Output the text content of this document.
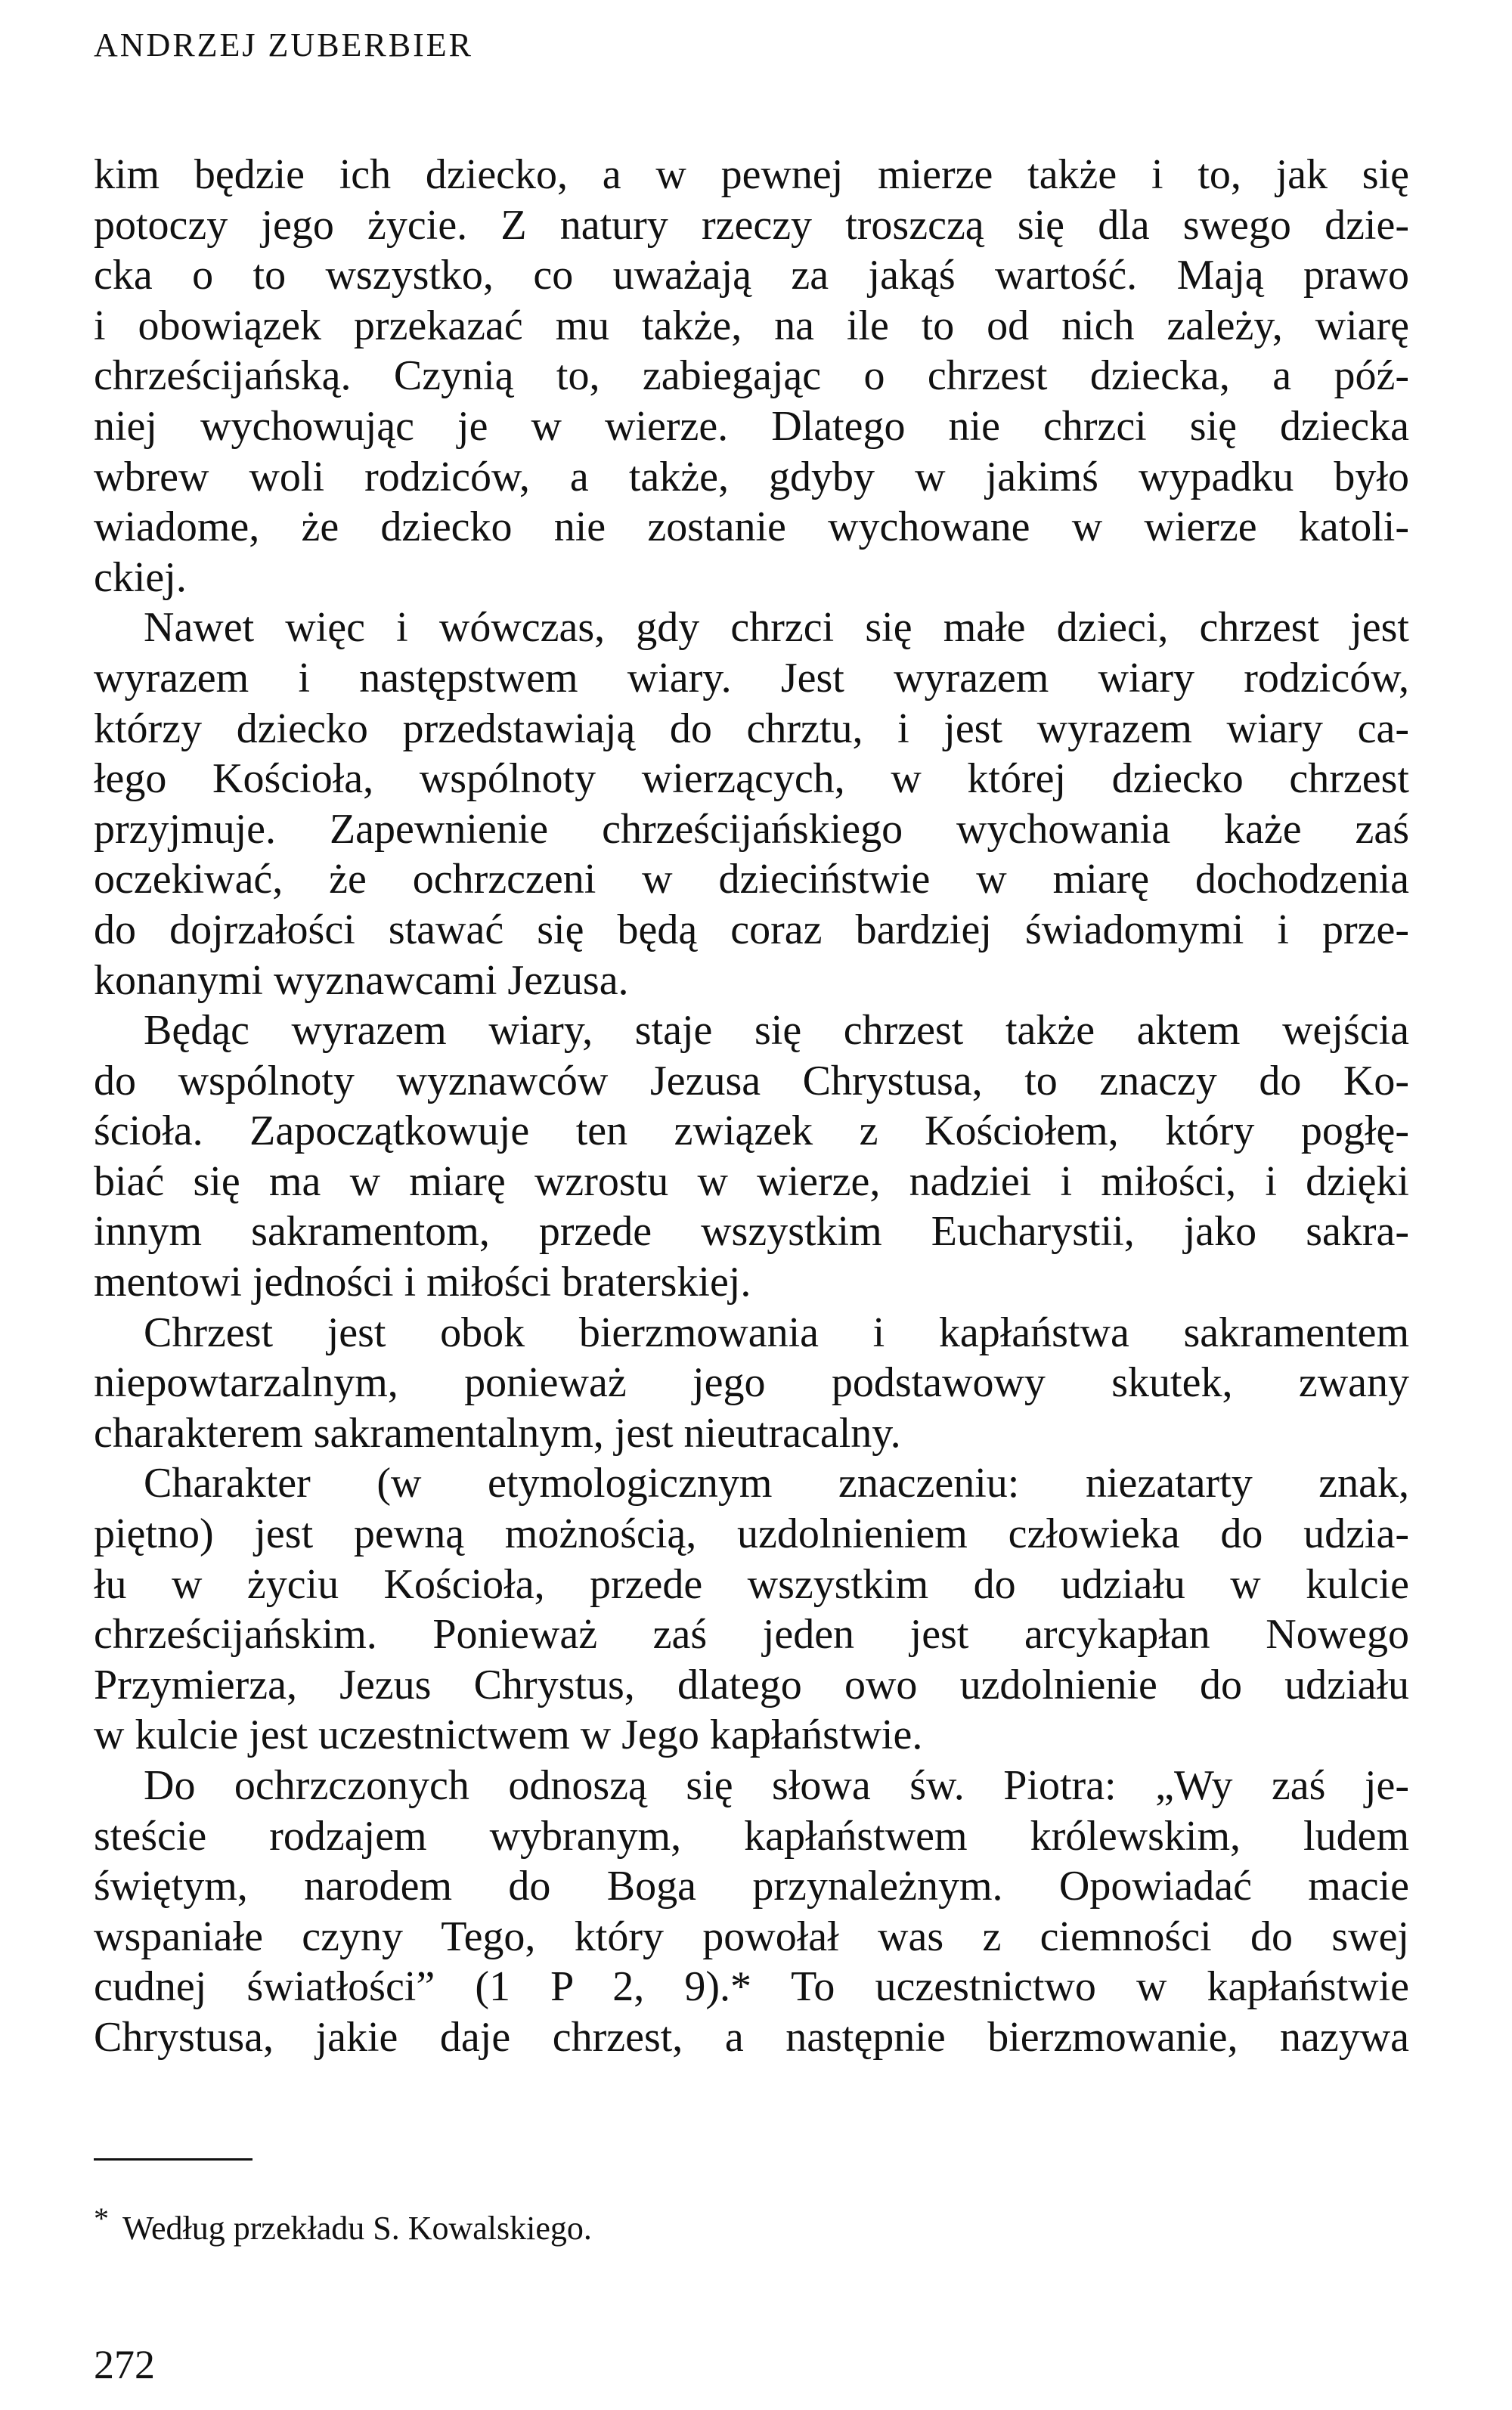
ANDRZEJ ZUBERBIER
kim będzie ich dziecko, a w pewnej mierze także i to, jak się
potoczy jego życie. Z natury rzeczy troszczą się dla swego dzie-
cka o to wszystko, co uważają za jakąś wartość. Mają prawo
i obowiązek przekazać mu także, na ile to od nich zależy, wiarę
chrześcijańską. Czynią to, zabiegając o chrzest dziecka, a póź-
niej wychowując je w wierze. Dlatego nie chrzci się dziecka
wbrew woli rodziców, a także, gdyby w jakimś wypadku było
wiadome, że dziecko nie zostanie wychowane w wierze katoli-
ckiej.
Nawet więc i wówczas, gdy chrzci się małe dzieci, chrzest jest
wyrazem i następstwem wiary. Jest wyrazem wiary rodziców,
którzy dziecko przedstawiają do chrztu, i jest wyrazem wiary ca-
łego Kościoła, wspólnoty wierzących, w której dziecko chrzest
przyjmuje. Zapewnienie chrześcijańskiego wychowania każe zaś
oczekiwać, że ochrzczeni w dzieciństwie w miarę dochodzenia
do dojrzałości stawać się będą coraz bardziej świadomymi i prze-
konanymi wyznawcami Jezusa.
Będąc wyrazem wiary, staje się chrzest także aktem wejścia
do wspólnoty wyznawców Jezusa Chrystusa, to znaczy do Ko-
ścioła. Zapoczątkowuje ten związek z Kościołem, który pogłę-
biać się ma w miarę wzrostu w wierze, nadziei i miłości, i dzięki
innym sakramentom, przede wszystkim Eucharystii, jako sakra-
mentowi jedności i miłości braterskiej.
Chrzest jest obok bierzmowania i kapłaństwa sakramentem
niepowtarzalnym, ponieważ jego podstawowy skutek, zwany
charakterem sakramentalnym, jest nieutracalny.
Charakter (w etymologicznym znaczeniu: niezatarty znak,
piętno) jest pewną możnością, uzdolnieniem człowieka do udzia-
łu w życiu Kościoła, przede wszystkim do udziału w kulcie
chrześcijańskim. Ponieważ zaś jeden jest arcykapłan Nowego
Przymierza, Jezus Chrystus, dlatego owo uzdolnienie do udziału
w kulcie jest uczestnictwem w Jego kapłaństwie.
Do ochrzczonych odnoszą się słowa św. Piotra: „Wy zaś je-
steście rodzajem wybranym, kapłaństwem królewskim, ludem
świętym, narodem do Boga przynależnym. Opowiadać macie
wspaniałe czyny Tego, który powołał was z ciemności do swej
cudnej światłości” (1 P 2, 9).* To uczestnictwo w kapłaństwie
Chrystusa, jakie daje chrzest, a następnie bierzmowanie, nazywa
* Według przekładu S. Kowalskiego.
272
